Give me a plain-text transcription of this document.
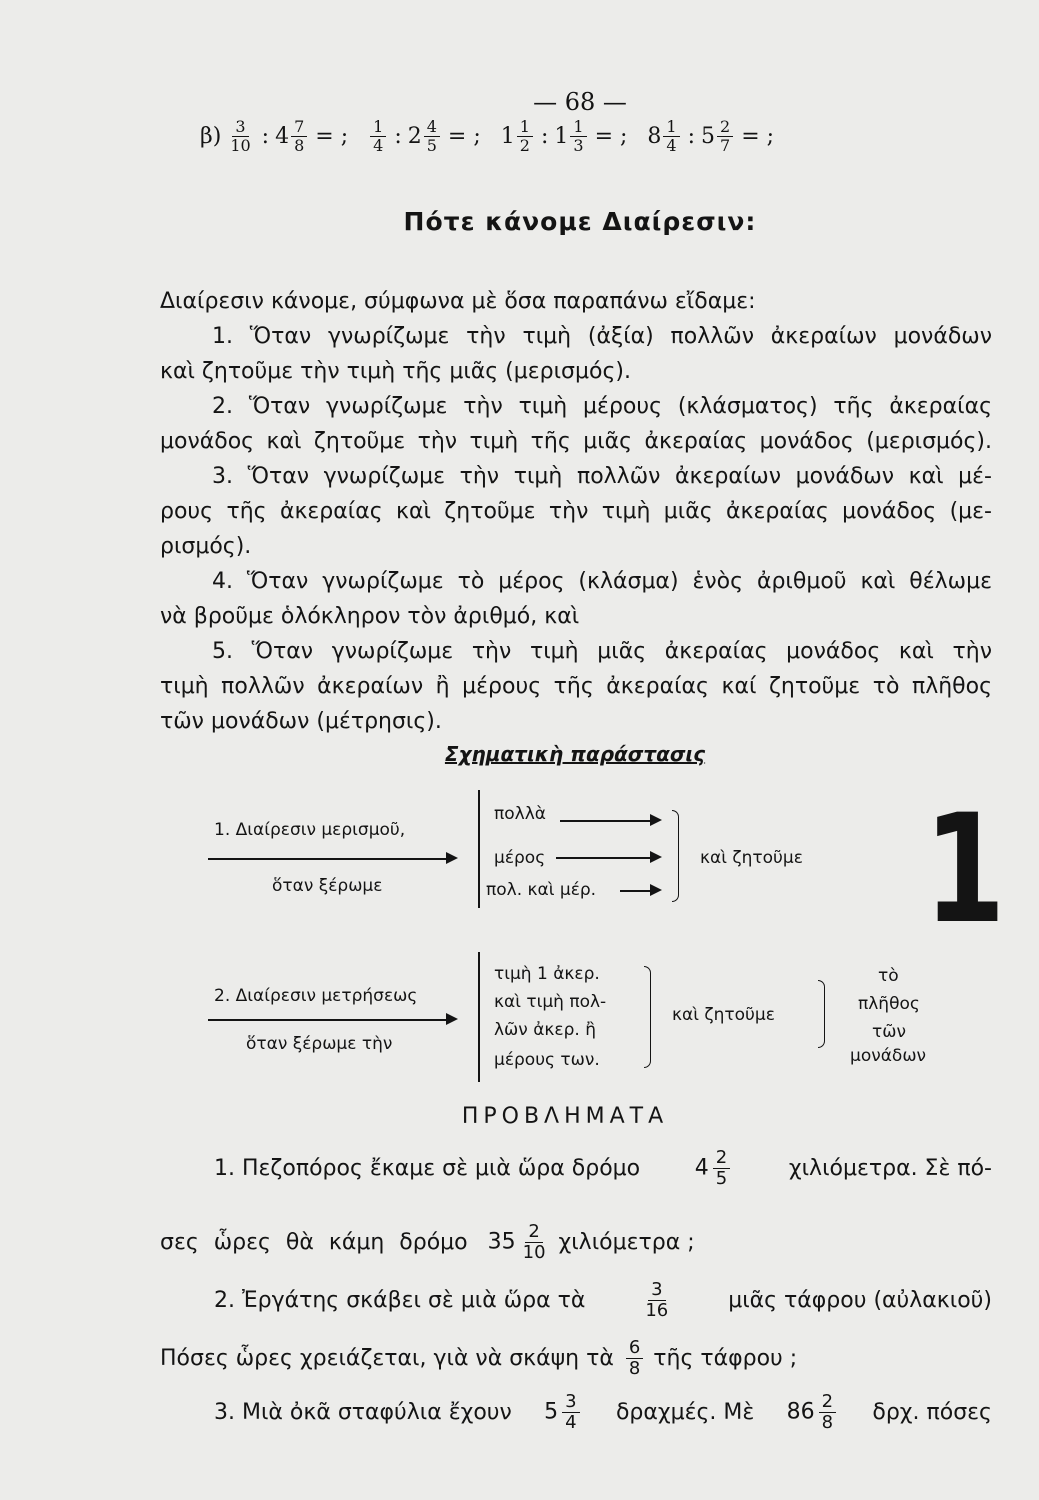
— 68 —
$\beta) \frac{3}{10}$ : $4 \frac{7}{8}$ = ; $\frac{1}{4}$ : $2 \frac{4}{5}$ = ; $1 \frac{1}{2}$ : $1 \frac{1}{3}$ = ; $8 \frac{1}{4}$ : $5 \frac{2}{7}$ = ;
Πότε κάνομε Διαίρεσιν:

Διαίρεσιν κάνομε, σύμφωνα μὲ ὅσα παραπάνω εἴδαμε:

1. Ὅταν γνωρίζωμε τὴν τιμὴ (ἀξία) πολλῶν ἀκεραίων μονάδων

καὶ ζητοῦμε τὴν τιμὴ τῆς μιᾶς (μερισμός).

2. Ὅταν γνωρίζωμε τὴν τιμὴ μέρους (κλάσματος) τῆς ἀκεραίας

μονάδος καὶ ζητοῦμε τὴν τιμὴ τῆς μιᾶς ἀκεραίας μονάδος (μερισμός).

3. Ὅταν γνωρίζωμε τὴν τιμὴ πολλῶν ἀκεραίων μονάδων καὶ μέ-

ρους τῆς ἀκεραίας καὶ ζητοῦμε τὴν τιμὴ μιᾶς ἀκεραίας μονάδος (με-

ρισμός).

4. Ὅταν γνωρίζωμε τὸ μέρος (κλάσμα) ἑνὸς ἀριθμοῦ καὶ θέλωμε

νὰ βροῦμε ὁλόκληρον τὸν ἀριθμό, καὶ

5. Ὅταν γνωρίζωμε τὴν τιμὴ μιᾶς ἀκεραίας μονάδος καὶ τὴν

τιμὴ πολλῶν ἀκεραίων ἢ μέρους τῆς ἀκεραίας καί ζητοῦμε τὸ πλῆθος

τῶν μονάδων (μέτρησις).

Σχηματικὴ παράστασις
1. Διαίρεσιν μερισμοῦ,
ὅταν ξέρωμε
πολλὰ
μέρος
πολ. καὶ μέρ.
καὶ ζητοῦμε
2. Διαίρεσιν μετρήσεως
ὅταν ξέρωμε τὴν
τιμὴ 1 ἀκερ.
καὶ τιμὴ πολ-
λῶν ἀκερ. ἢ
μέρους των.
καὶ ζητοῦμε
τὸ
πλῆθος
τῶν
μονάδων
1
ΠΡΟΒΛΗΜΑΤΑ
1. Πεζοπόρος ἔκαμε σὲ μιὰ ὥρα δρόμο $4 \frac{2}{5}$	χιλιόμετρα. Σὲ πό-
σες ὧρες θὰ κάμη δρόμο $35 \frac{2}{10}$ χιλιόμετρα ;
2. Ἐργάτης σκάβει σὲ μιὰ ὥρα τὰ	$\frac{3}{16}$	μιᾶς τάφρου (αὐλακιοῦ)
Πόσες ὧρες χρειάζεται, γιὰ νὰ σκάψη τὰ $\frac{6}{8}$ τῆς τάφρου ;
3. Μιὰ ὀκᾶ σταφύλια ἔχουν $5 \frac{3}{4} \delta\rho\alpha\chi\mu έ\varsigma$. Μὲ $86 \frac{2}{8} \delta\rho\chi$. πόσες
